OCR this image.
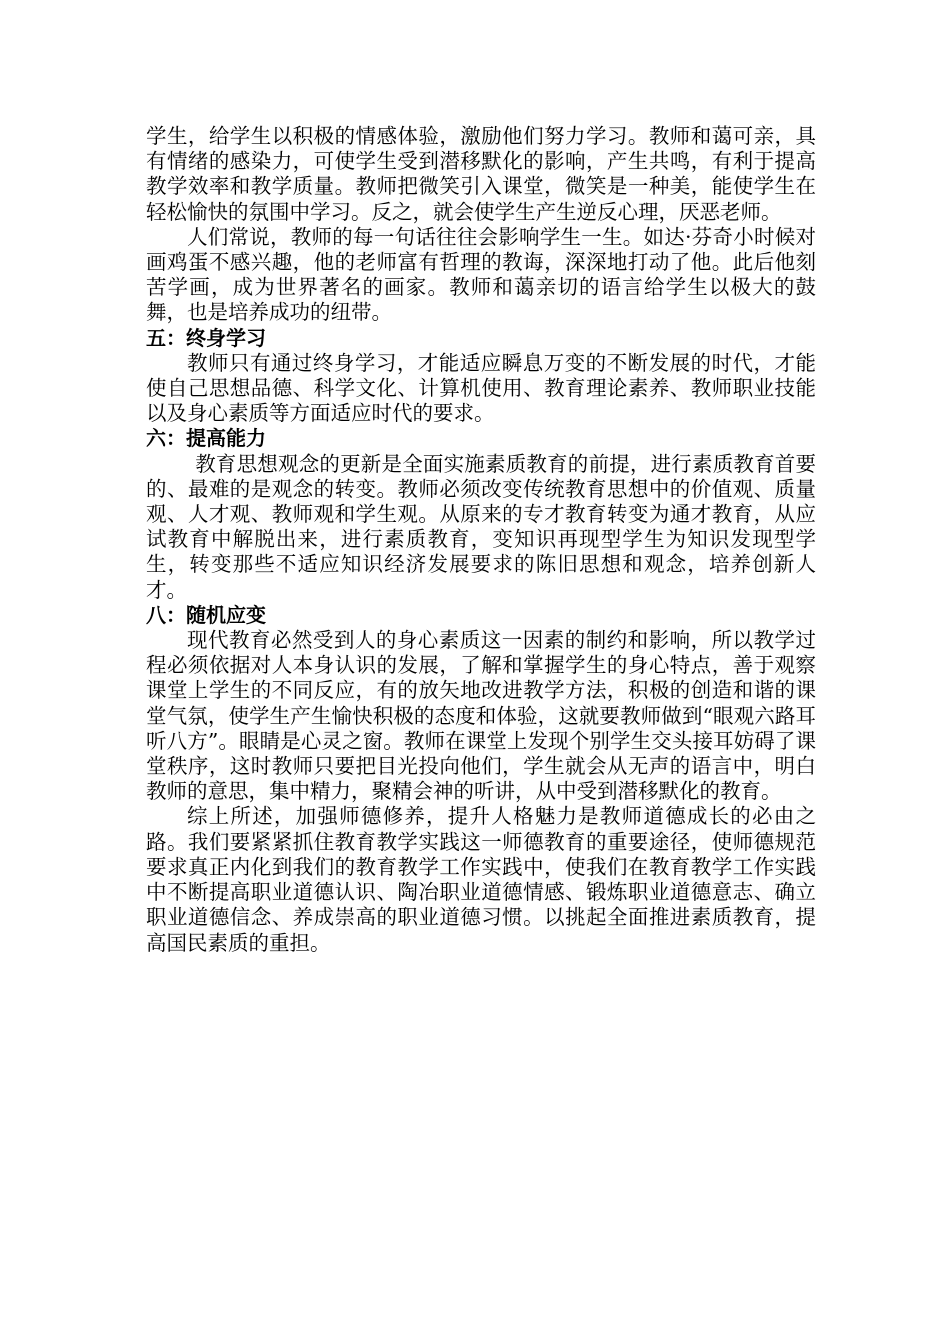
学生，给学生以积极的情感体验，激励他们努力学习。教师和蔼可亲，具有情绪的感染力，可使学生受到潜移默化的影响，产生共鸣，有利于提高教学效率和教学质量。教师把微笑引入课堂，微笑是一种美，能使学生在轻松愉快的氛围中学习。反之，就会使学生产生逆反心理，厌恶老师。

人们常说，教师的每一句话往往会影响学生一生。如达·芬奇小时候对画鸡蛋不感兴趣，他的老师富有哲理的教诲，深深地打动了他。此后他刻苦学画，成为世界著名的画家。教师和蔼亲切的语言给学生以极大的鼓舞，也是培养成功的纽带。

五：终身学习

教师只有通过终身学习，才能适应瞬息万变的不断发展的时代，才能使自己思想品德、科学文化、计算机使用、教育理论素养、教师职业技能以及身心素质等方面适应时代的要求。

六：提高能力

教育思想观念的更新是全面实施素质教育的前提，进行素质教育首要的、最难的是观念的转变。教师必须改变传统教育思想中的价值观、质量观、人才观、教师观和学生观。从原来的专才教育转变为通才教育，从应试教育中解脱出来，进行素质教育，变知识再现型学生为知识发现型学生，转变那些不适应知识经济发展要求的陈旧思想和观念，培养创新人才。

八：随机应变

现代教育必然受到人的身心素质这一因素的制约和影响，所以教学过程必须依据对人本身认识的发展，了解和掌握学生的身心特点，善于观察课堂上学生的不同反应，有的放矢地改进教学方法，积极的创造和谐的课堂气氛，使学生产生愉快积极的态度和体验，这就要教师做到“眼观六路耳听八方”。眼睛是心灵之窗。教师在课堂上发现个别学生交头接耳妨碍了课堂秩序，这时教师只要把目光投向他们，学生就会从无声的语言中，明白教师的意思，集中精力，聚精会神的听讲，从中受到潜移默化的教育。

综上所述，加强师德修养，提升人格魅力是教师道德成长的必由之路。我们要紧紧抓住教育教学实践这一师德教育的重要途径，使师德规范要求真正内化到我们的教育教学工作实践中，使我们在教育教学工作实践中不断提高职业道德认识、陶冶职业道德情感、锻炼职业道德意志、确立职业道德信念、养成崇高的职业道德习惯。以挑起全面推进素质教育，提高国民素质的重担。
